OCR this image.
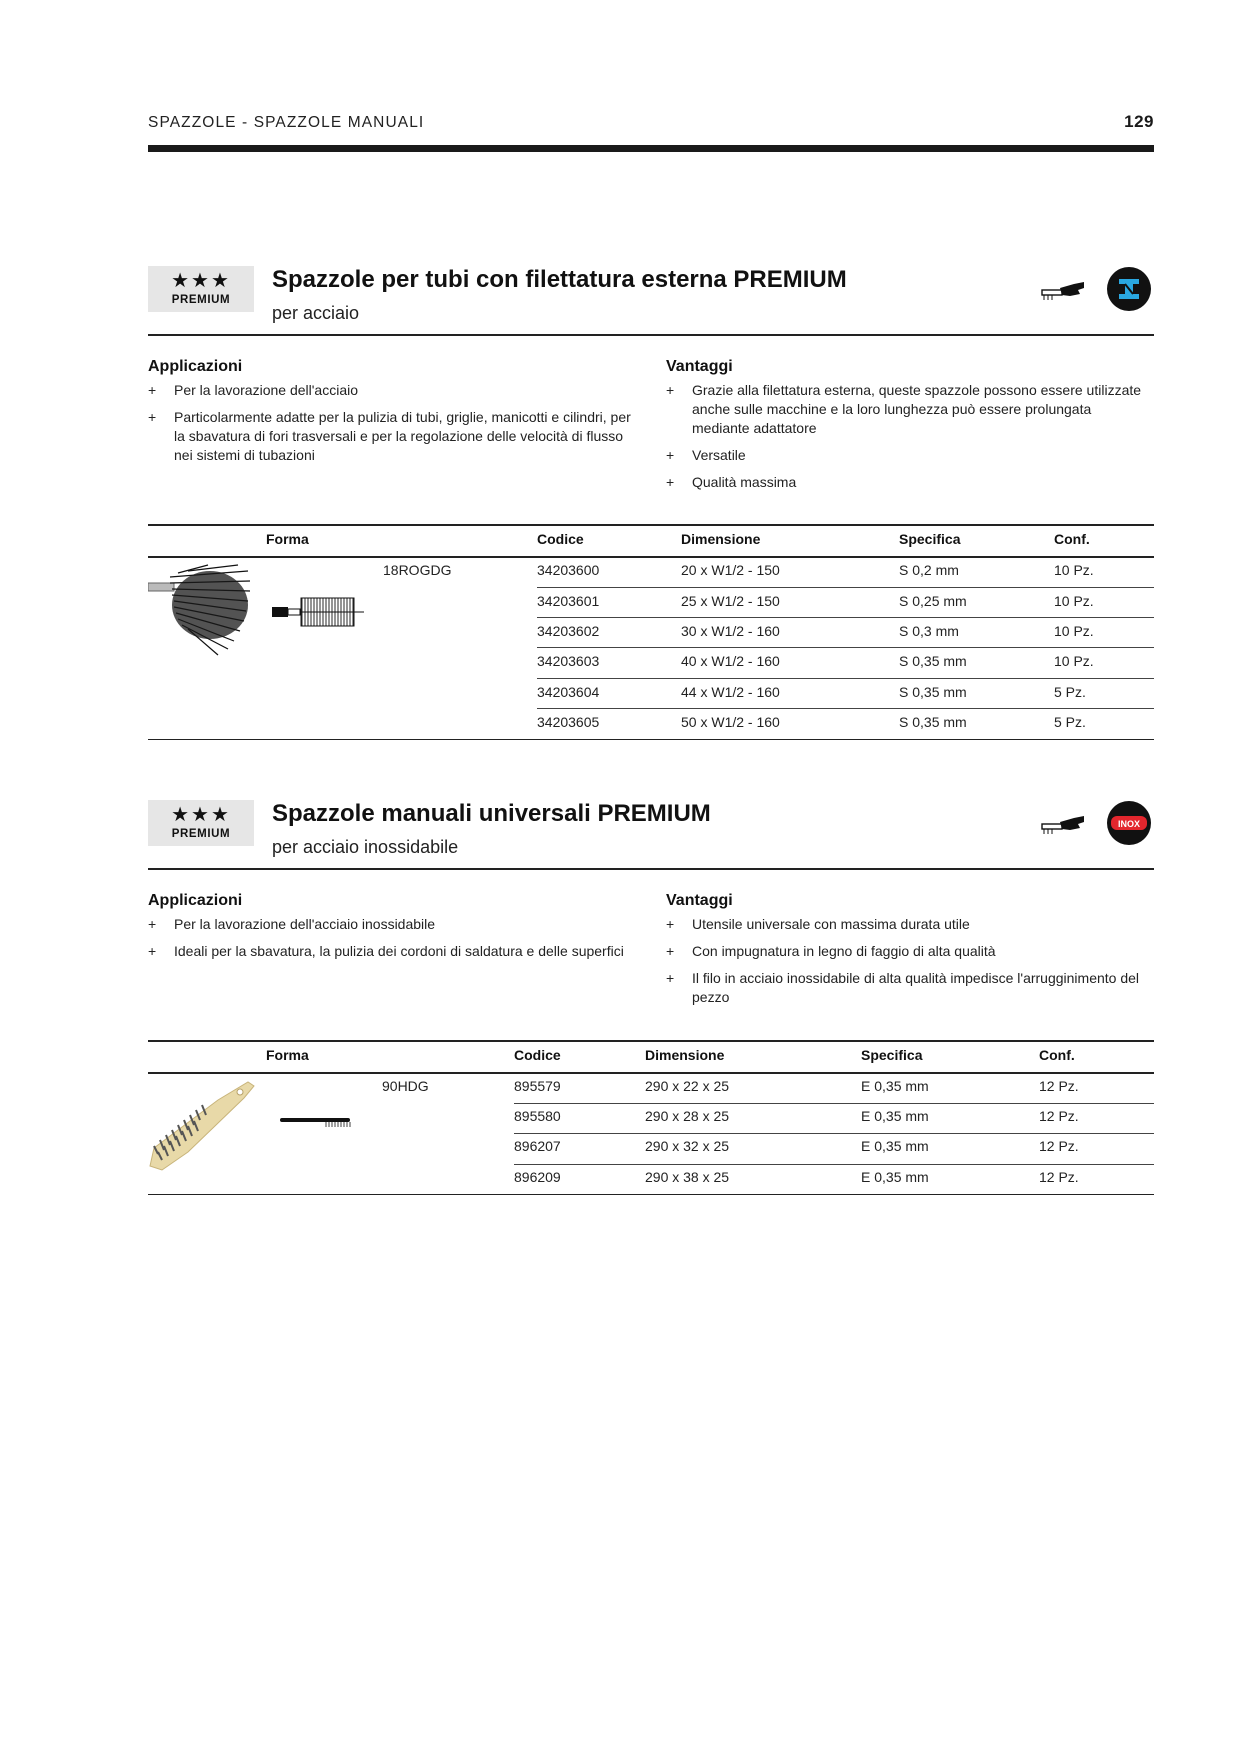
SPAZZOLE - SPAZZOLE MANUALI	129
★★★
PREMIUM
Spazzole per tubi con filettatura esterna PREMIUM
per acciaio
Applicazioni
+ Per la lavorazione dell'acciaio
+ Particolarmente adatte per la pulizia di tubi, griglie, manicotti e cilindri, per la sbavatura di fori trasversali e per la regolazione delle velocità di flusso nei sistemi di tubazioni
Vantaggi
+ Grazie alla filettatura esterna, queste spazzole possono essere utilizzate anche sulle macchine e la loro lunghezza può essere prolungata mediante adattatore
+ Versatile
+ Qualità massima
Forma	Codice	Dimensione	Specifica	Conf.
18ROGDG	34203600	20 x W1/2 - 150	S 0,2 mm	10 Pz.
34203601	25 x W1/2 - 150	S 0,25 mm	10 Pz.
34203602	30 x W1/2 - 160	S 0,3 mm	10 Pz.
34203603	40 x W1/2 - 160	S 0,35 mm	10 Pz.
34203604	44 x W1/2 - 160	S 0,35 mm	5 Pz.
34203605	50 x W1/2 - 160	S 0,35 mm	5 Pz.
★★★
PREMIUM
Spazzole manuali universali PREMIUM
per acciaio inossidabile
INOX
Applicazioni
+ Per la lavorazione dell'acciaio inossidabile
+ Ideali per la sbavatura, la pulizia dei cordoni di saldatura e delle superfici
Vantaggi
+ Utensile universale con massima durata utile
+ Con impugnatura in legno di faggio di alta qualità
+ Il filo in acciaio inossidabile di alta qualità impedisce l'arrugginimento del pezzo
Forma	Codice	Dimensione	Specifica	Conf.
90HDG	895579	290 x 22 x 25	E 0,35 mm	12 Pz.
895580	290 x 28 x 25	E 0,35 mm	12 Pz.
896207	290 x 32 x 25	E 0,35 mm	12 Pz.
896209	290 x 38 x 25	E 0,35 mm	12 Pz.
